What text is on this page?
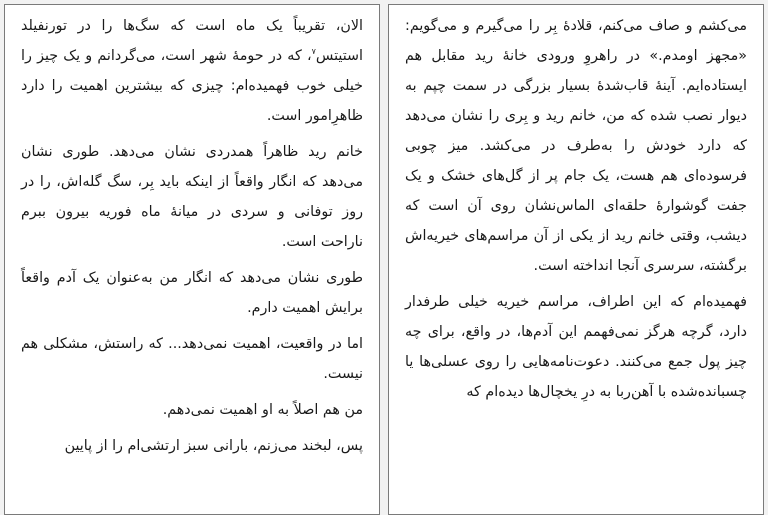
می‌کشم و صاف می‌کنم، قلادهٔ بِر را می‌گیرم و می‌گویم: «مجهز اومدم.» در راهروِ ورودی خانهٔ رید مقابل هم ایستاده‌ایم. آینهٔ قاب‌شدهٔ بسیار بزرگی در سمت چپم به دیوار نصب شده که من، خانم رید و بِری را نشان می‌دهد که دارد خودش را به‌طرف در می‌کشد. میز چوبی فرسوده‌ای هم هست، یک جام پر از گل‌های خشک و یک جفت گوشوارهٔ حلقه‌ای الماس‌نشان روی آن است که دیشب، وقتی خانم رید از یکی از آن مراسم‌های خیریه‌اش برگشته، سرسری آنجا انداخته است.

فهمیده‌ام که این اطراف، مراسم خیریه خیلی طرفدار دارد، گرچه هرگز نمی‌فهمم این آدم‌ها، در واقع، برای چه چیز پول جمع می‌کنند. دعوت‌نامه‌هایی را روی عسلی‌ها یا چسبانده‌شده با آهن‌ربا به درِ یخچال‌ها دیده‌ام که

الان، تقریباً یک ماه است که سگ‌ها را در تورنفیلد استیتس$^۷$، که در حومهٔ شهر است، می‌گردانم و یک چیز را خیلی خوب فهمیده‌ام: چیزی که بیشترین اهمیت را دارد ظاهرِامور است.

خانم رید ظاهراً همدردی نشان می‌دهد. طوری نشان می‌دهد که انگار واقعاً از اینکه باید بِر، سگ گله‌اش، را در روز توفانی و سردی در میانهٔ ماه فوریه بیرون ببرم ناراحت است.

طوری نشان می‌دهد که انگار من به‌عنوان یک آدم واقعاً برایش اهمیت دارم.

اما در واقعیت، اهمیت نمی‌دهد... که راستش، مشکلی هم نیست.

من هم اصلاً به او اهمیت نمی‌دهم.

پس، لبخند می‌زنم، بارانی سبز ارتشی‌ام را از پایین
